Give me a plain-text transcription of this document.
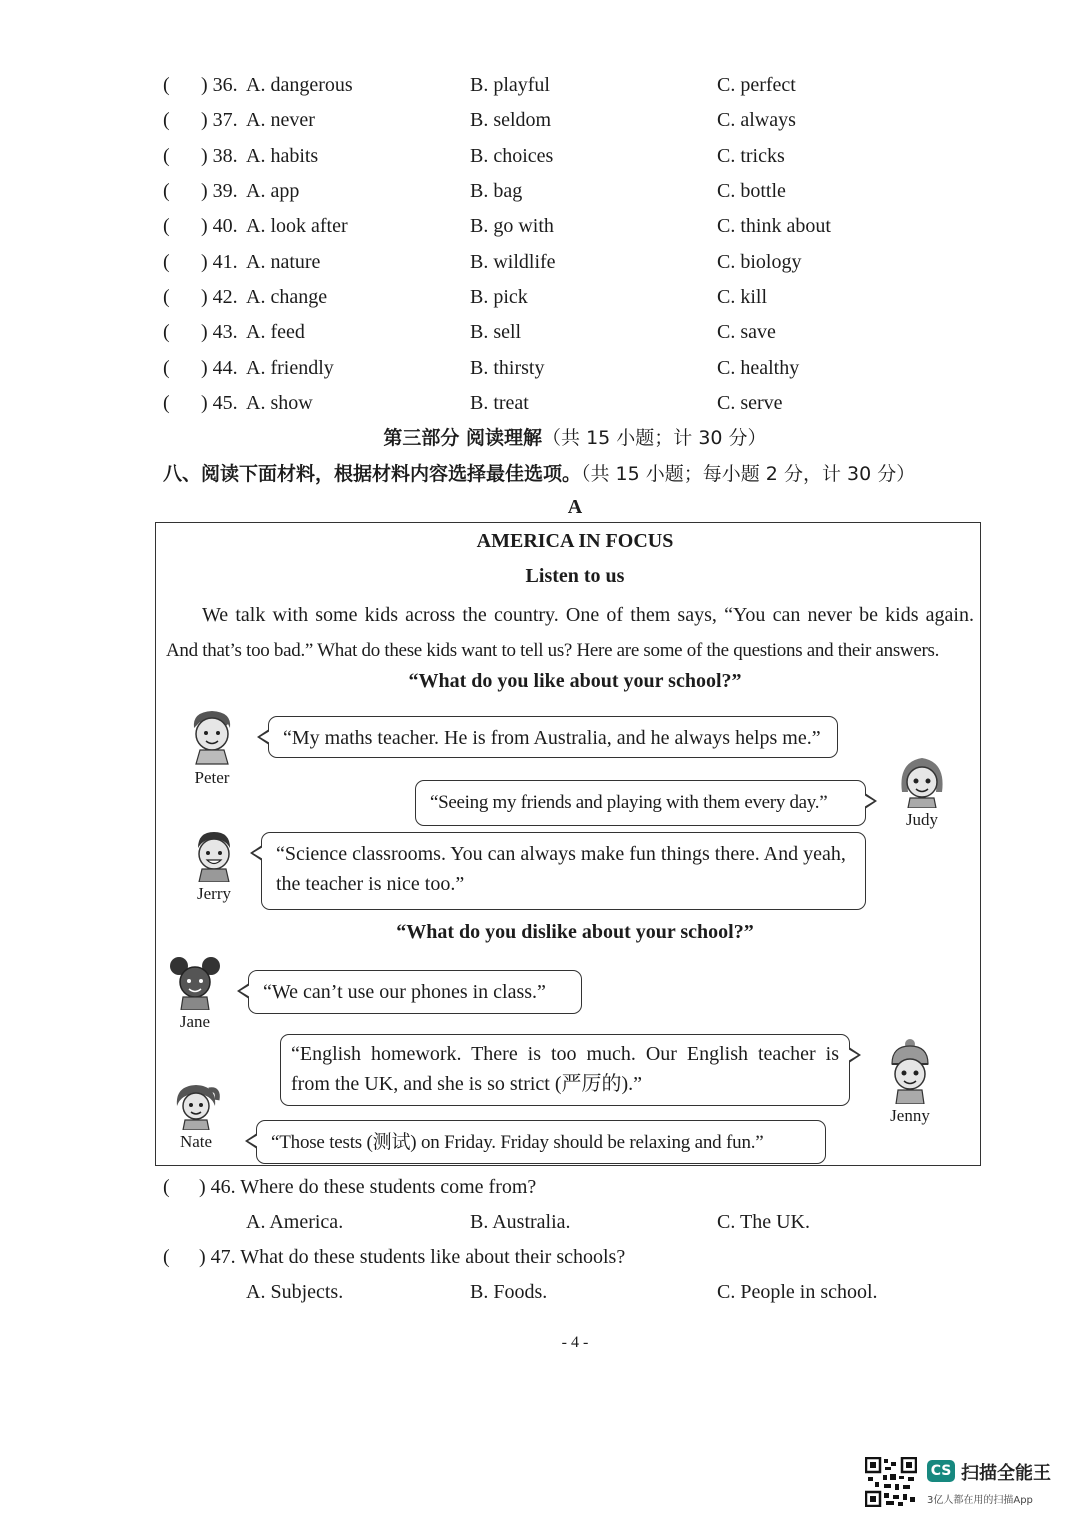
(	) 36. A. dangerous	B. playful	C. perfect
(	) 37. A. never	B. seldom	C. always
(	) 38. A. habits	B. choices	C. tricks
(	) 39. A. app	B. bag	C. bottle
(	) 40. A. look after	B. go with	C. think about
(	) 41. A. nature	B. wildlife	C. biology
(	) 42. A. change	B. pick	C. kill
(	) 43. A. feed	B. sell	C. save
(	) 44. A. friendly	B. thirsty	C. healthy
(	) 45. A. show	B. treat	C. serve
第三部分 阅读理解（共 15 小题；计 30 分）
八、阅读下面材料，根据材料内容选择最佳选项。（共 15 小题；每小题 2 分，计 30 分）
A
AMERICA IN FOCUS
Listen to us
We talk with some kids across the country. One of them says, “You can never be kids again.
And that’s too bad.” What do these kids want to tell us? Here are some of the questions and their answers.
“What do you like about your school?”
Peter
“My maths teacher. He is from Australia, and he always helps me.”
“Seeing my friends and playing with them every day.”
Judy
Jerry
“Science classrooms. You can always make fun things there. And yeah,
the teacher is nice too.”
“What do you dislike about your school?”
Jane
“We can’t use our phones in class.”
“English homework. There is too much. Our English teacher is
from the UK, and she is so strict (严厉的).”
Jenny
Nate	“Those tests (测试) on Friday. Friday should be relaxing and fun.”
( ) 46. Where do these students come from?
A. America.	B. Australia.	C. The UK.
( ) 47. What do these students like about their schools?
A. Subjects.	B. Foods.	C. People in school.
- 4 -
CS 扫描全能王
3亿人都在用的扫描App
